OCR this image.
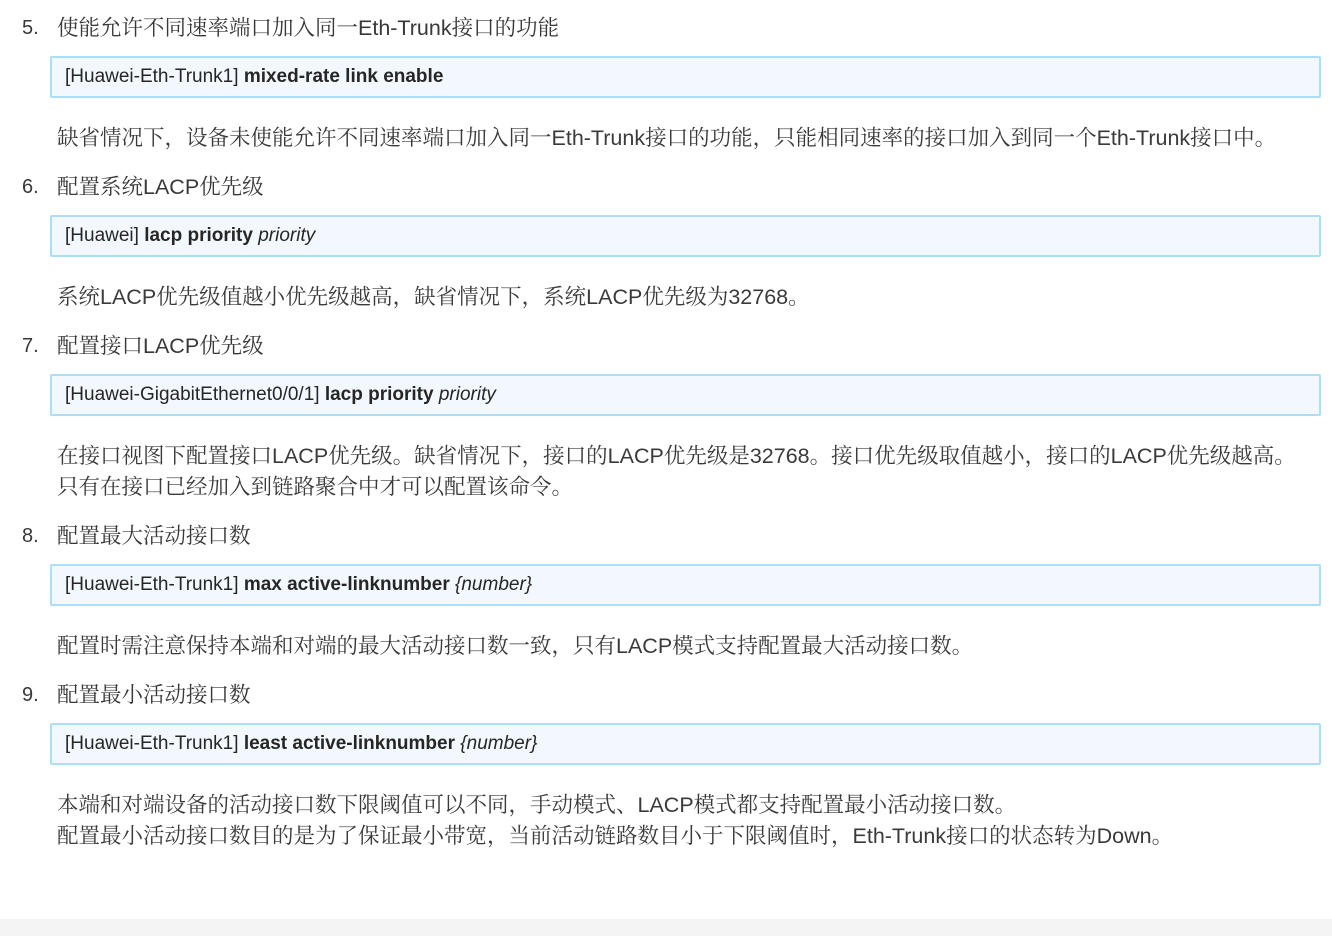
5. 使能允许不同速率端口加入同一Eth-Trunk接口的功能
[Huawei-Eth-Trunk1] mixed-rate link enable

缺省情况下，设备未使能允许不同速率端口加入同一Eth-Trunk接口的功能，只能相同速率的接口加入到同一个Eth-Trunk接口中。

6. 配置系统LACP优先级
[Huawei] lacp priority priority

系统LACP优先级值越小优先级越高，缺省情况下，系统LACP优先级为32768。

7. 配置接口LACP优先级
[Huawei-GigabitEthernet0/0/1] lacp priority priority

在接口视图下配置接口LACP优先级。缺省情况下，接口的LACP优先级是32768。接口优先级取值越小，接口的LACP优先级越高。

只有在接口已经加入到链路聚合中才可以配置该命令。

8. 配置最大活动接口数
[Huawei-Eth-Trunk1] max active-linknumber {number}

配置时需注意保持本端和对端的最大活动接口数一致，只有LACP模式支持配置最大活动接口数。

9. 配置最小活动接口数
[Huawei-Eth-Trunk1] least active-linknumber {number}

本端和对端设备的活动接口数下限阈值可以不同，手动模式、LACP模式都支持配置最小活动接口数。

配置最小活动接口数目的是为了保证最小带宽，当前活动链路数目小于下限阈值时，Eth-Trunk接口的状态转为Down。
